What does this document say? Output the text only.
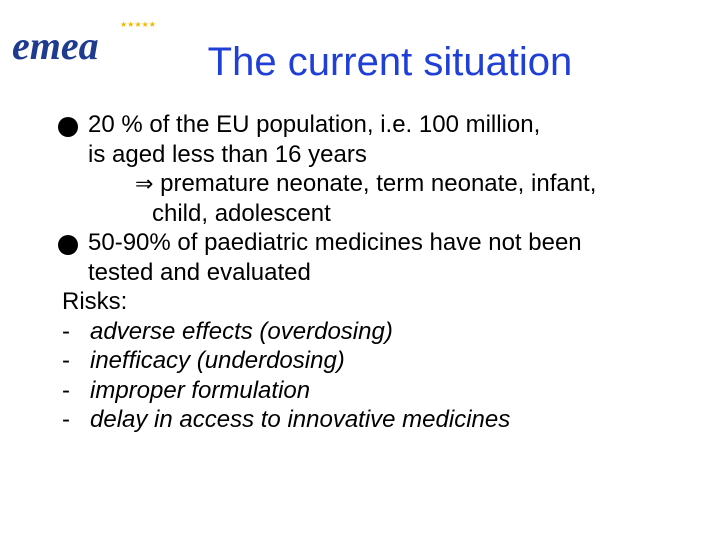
★★★★★
emea	The current situation
20 % of the EU population, i.e. 100 million,
is aged less than 16 years
⇒ premature neonate, term neonate, infant,
child, adolescent
50-90% of paediatric medicines have not been
tested and evaluated
Risks:
- adverse effects (overdosing)
- inefficacy (underdosing)
- improper formulation
- delay in access to innovative medicines
